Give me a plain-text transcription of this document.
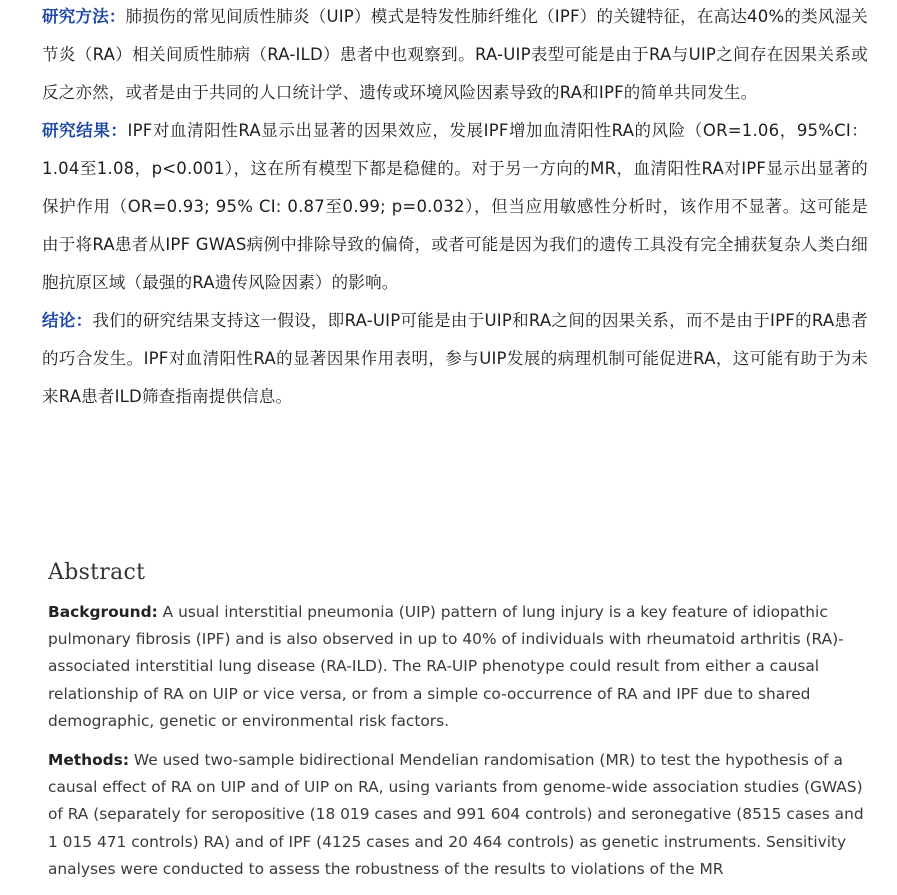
研究方法：肺损伤的常见间质性肺炎（UIP）模式是特发性肺纤维化（IPF）的关键特征，在高达40%的类风湿关节炎（RA）相关间质性肺病（RA-ILD）患者中也观察到。RA-UIP表型可能是由于RA与UIP之间存在因果关系或反之亦然，或者是由于共同的人口统计学、遗传或环境风险因素导致的RA和IPF的简单共同发生。

研究结果：IPF对血清阳性RA显示出显著的因果效应，发展IPF增加血清阳性RA的风险（OR=1.06，95%CI：1.04至1.08，p<0.001），这在所有模型下都是稳健的。对于另一方向的MR，血清阳性RA对IPF显示出显著的保护作用（OR=0.93; 95% CI: 0.87至0.99; p=0.032），但当应用敏感性分析时，该作用不显著。这可能是由于将RA患者从IPF GWAS病例中排除导致的偏倚，或者可能是因为我们的遗传工具没有完全捕获复杂人类白细胞抗原区域（最强的RA遗传风险因素）的影响。

结论：我们的研究结果支持这一假设，即RA-UIP可能是由于UIP和RA之间的因果关系，而不是由于IPF的RA患者的巧合发生。IPF对血清阳性RA的显著因果作用表明，参与UIP发展的病理机制可能促进RA，这可能有助于为未来RA患者ILD筛查指南提供信息。

Abstract

Background: A usual interstitial pneumonia (UIP) pattern of lung injury is a key feature of idiopathic pulmonary fibrosis (IPF) and is also observed in up to 40% of individuals with rheumatoid arthritis (RA)-associated interstitial lung disease (RA-ILD). The RA-UIP phenotype could result from either a causal relationship of RA on UIP or vice versa, or from a simple co-occurrence of RA and IPF due to shared demographic, genetic or environmental risk factors.

Methods: We used two-sample bidirectional Mendelian randomisation (MR) to test the hypothesis of a causal effect of RA on UIP and of UIP on RA, using variants from genome-wide association studies (GWAS) of RA (separately for seropositive (18 019 cases and 991 604 controls) and seronegative (8515 cases and 1 015 471 controls) RA) and of IPF (4125 cases and 20 464 controls) as genetic instruments. Sensitivity analyses were conducted to assess the robustness of the results to violations of the MR
